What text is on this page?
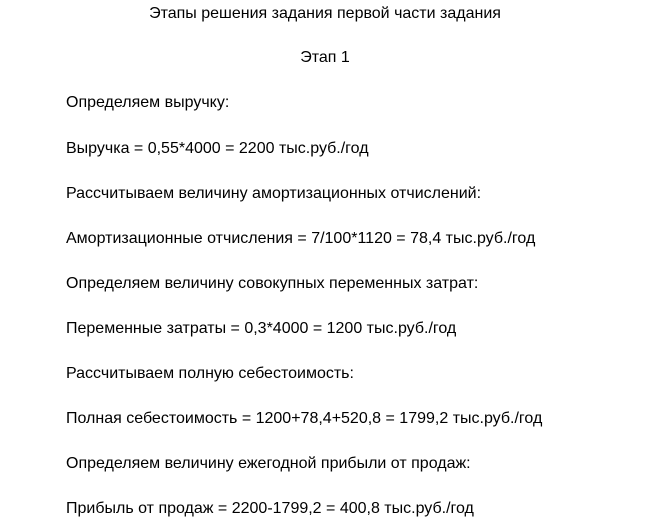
Этапы решения задания первой части задания
Этап 1
Определяем выручку:
Выручка = 0,55*4000 = 2200 тыс.руб./год
Рассчитываем величину амортизационных отчислений:
Амортизационные отчисления = 7/100*1120 = 78,4 тыс.руб./год
Определяем величину совокупных переменных затрат:
Переменные затраты = 0,3*4000 = 1200 тыс.руб./год
Рассчитываем полную себестоимость:
Полная себестоимость = 1200+78,4+520,8 = 1799,2 тыс.руб./год
Определяем величину ежегодной прибыли от продаж:
Прибыль от продаж = 2200-1799,2 = 400,8 тыс.руб./год
